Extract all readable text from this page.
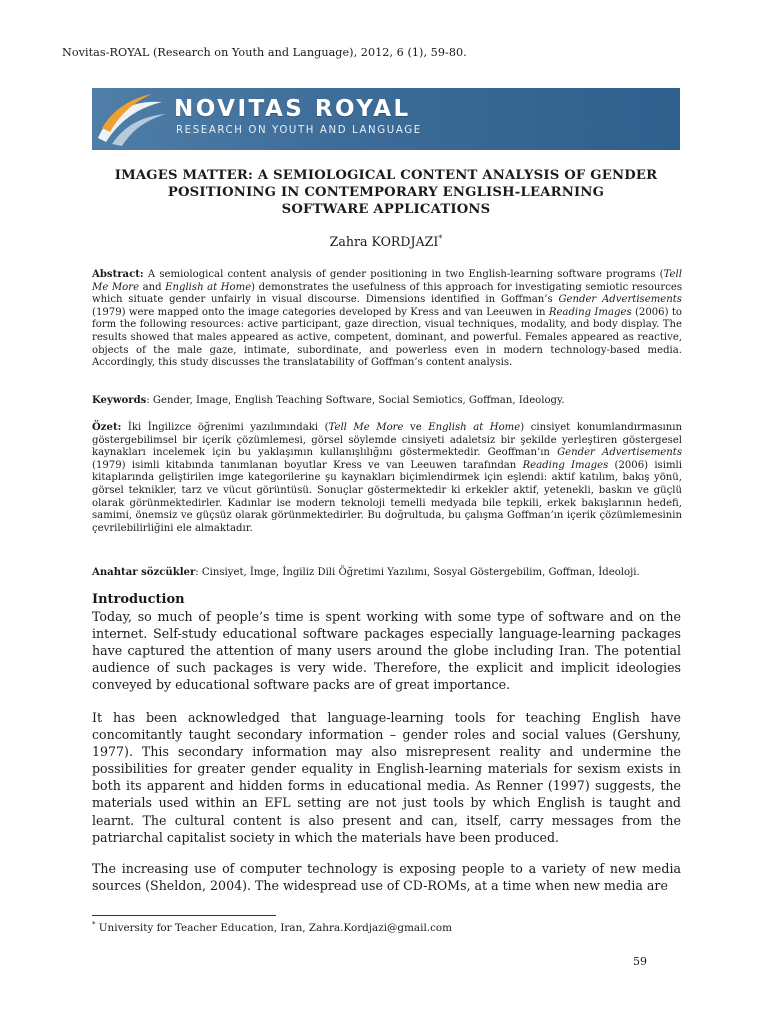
Novitas-ROYAL (Research on Youth and Language), 2012, 6 (1), 59-80.
NOVITAS ROYAL
RESEARCH ON YOUTH AND LANGUAGE
IMAGES MATTER: A SEMIOLOGICAL CONTENT ANALYSIS OF GENDER
POSITIONING IN CONTEMPORARY ENGLISH-LEARNING
SOFTWARE APPLICATIONS
Zahra KORDJAZI*
Abstract: A semiological content analysis of gender positioning in two English-learning software programs (Tell Me More and English at Home) demonstrates the usefulness of this approach for investigating semiotic resources which situate gender unfairly in visual discourse. Dimensions identified in Goffman’s Gender Advertisements (1979) were mapped onto the image categories developed by Kress and van Leeuwen in Reading Images (2006) to form the following resources: active participant, gaze direction, visual techniques, modality, and body display. The results showed that males appeared as active, competent, dominant, and powerful. Females appeared as reactive, objects of the male gaze, intimate, subordinate, and powerless even in modern technology-based media. Accordingly, this study discusses the translatability of Goffman’s content analysis.
Keywords: Gender, Image, English Teaching Software, Social Semiotics, Goffman, Ideology.
Özet: İki İngilizce öğrenimi yazılımındaki (Tell Me More ve English at Home) cinsiyet konumlandırmasının göstergebilimsel bir içerik çözümlemesi, görsel söylemde cinsiyeti adaletsiz bir şekilde yerleştiren göstergesel kaynakları incelemek için bu yaklaşımın kullanışlılığını göstermektedir. Geoffman’ın Gender Advertisements (1979) isimli kitabında tanımlanan boyutlar Kress ve van Leeuwen tarafından Reading Images (2006) isimli kitaplarında geliştirilen imge kategorilerine şu kaynakları biçimlendirmek için eşlendi: aktif katılım, bakış yönü, görsel teknikler, tarz ve vücut görüntüsü. Sonuçlar göstermektedir ki erkekler aktif, yetenekli, baskın ve güçlü olarak görünmektedirler. Kadınlar ise modern teknoloji temelli medyada bile tepkili, erkek bakışlarının hedefi, samimi, önemsiz ve güçsüz olarak görünmektedirler. Bu doğrultuda, bu çalışma Goffman’ın içerik çözümlemesinin çevrilebilirliğini ele almaktadır.
Anahtar sözcükler: Cinsiyet, İmge, İngiliz Dili Öğretimi Yazılımı, Sosyal Göstergebilim, Goffman, İdeoloji.
Introduction
Today, so much of people’s time is spent working with some type of software and on the internet. Self-study educational software packages especially language-learning packages have captured the attention of many users around the globe including Iran. The potential audience of such packages is very wide. Therefore, the explicit and implicit ideologies conveyed by educational software packs are of great importance.
It has been acknowledged that language-learning tools for teaching English have concomitantly taught secondary information – gender roles and social values (Gershuny, 1977). This secondary information may also misrepresent reality and undermine the possibilities for greater gender equality in English-learning materials for sexism exists in both its apparent and hidden forms in educational media. As Renner (1997) suggests, the materials used within an EFL setting are not just tools by which English is taught and learnt. The cultural content is also present and can, itself, carry messages from the patriarchal capitalist society in which the materials have been produced.
The increasing use of computer technology is exposing people to a variety of new media sources (Sheldon, 2004). The widespread use of CD-ROMs, at a time when new media are
* University for Teacher Education, Iran, Zahra.Kordjazi@gmail.com
59
